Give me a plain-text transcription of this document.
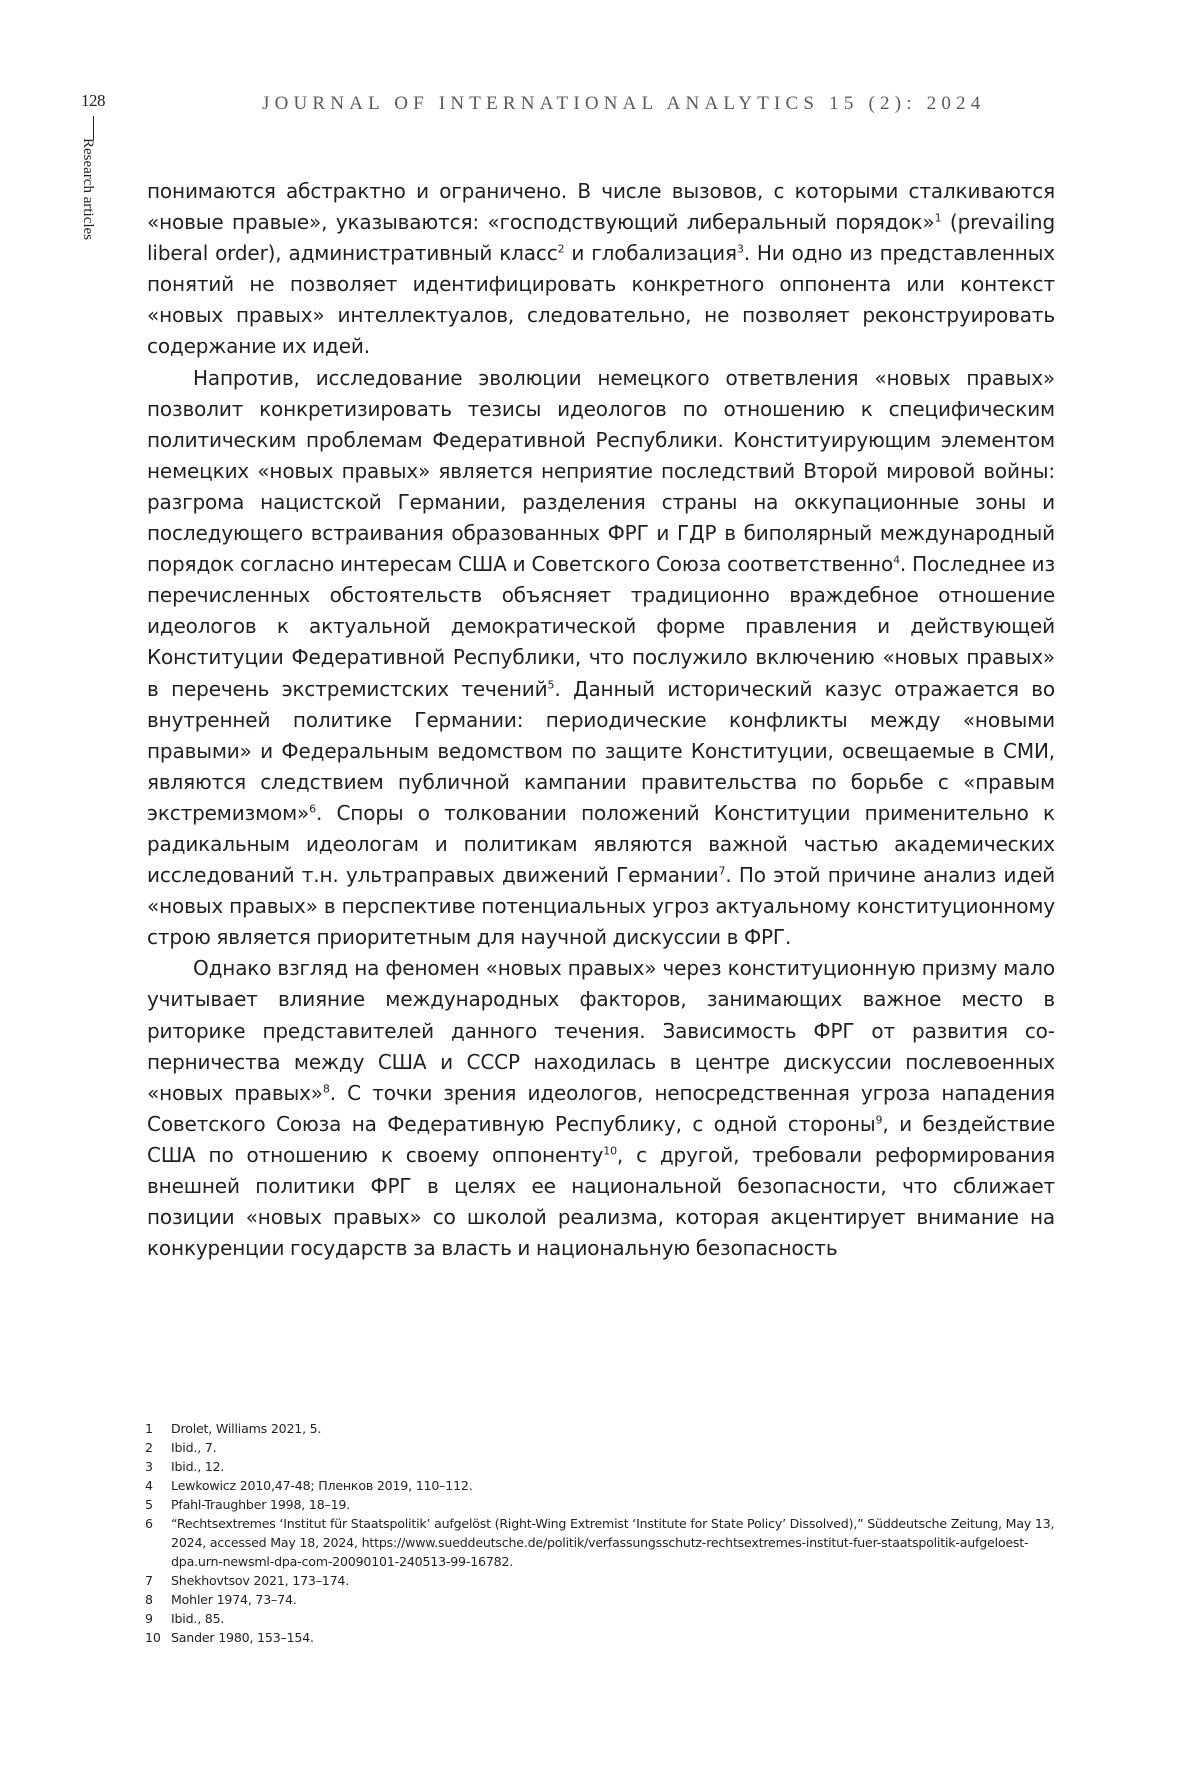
128
Research articles
JOURNAL OF INTERNATIONAL ANALYTICS 15 (2): 2024

понимаются абстрактно и ограничено. В числе вызовов, с которыми сталкиваются «новые правые», указываются: «господствующий либеральный порядок»$^1$ (prevailing liberal order), административный класс$^2$ и глобализация$^3$. Ни одно из представленных понятий не позволяет идентифицировать конкретного оппонента или контекст «новых правых» интеллектуалов, следовательно, не позволяет реконструировать содержание их идей.

Напротив, исследование эволюции немецкого ответвления «новых правых» позволит конкретизировать тезисы идеологов по отношению к специфическим политическим проблемам Федеративной Республики. Конституирующим элементом немецких «новых правых» является неприятие последствий Второй мировой войны: разгрома нацистской Германии, разделения страны на оккупационные зоны и последующего встраивания образованных ФРГ и ГДР в биполярный международный порядок согласно интересам США и Советского Союза соответственно$^4$. Последнее из перечисленных обстоятельств объясняет традиционно враждебное отношение идеологов к актуальной демократической форме правления и действующей Конституции Федеративной Республики, что послужило включению «новых правых» в перечень экстремистских течений$^5$. Данный исторический казус отражается во внутренней политике Германии: периодические конфликты между «новыми правыми» и Федеральным ведомством по защите Конституции, освещаемые в СМИ, являются следствием публичной кампании правительства по борьбе с «правым экстремизмом»$^6$. Споры о толковании положений Конституции применительно к радикальным идеологам и политикам являются важной частью академических исследований т.н. ультраправых движений Германии$^7$. По этой причине анализ идей «новых правых» в перспективе потенциальных угроз актуальному конституционному строю является приоритетным для научной дискуссии в ФРГ.

Однако взгляд на феномен «новых правых» через конституционную призму мало учитывает влияние международных факторов, занимающих важное место в риторике представителей данного течения. Зависимость ФРГ от развития соперничества между США и СССР находилась в центре дискуссии послевоенных «новых правых»$^8$. С точки зрения идеологов, непосредственная угроза нападения Советского Союза на Федеративную Республику, с одной стороны$^9$, и бездействие США по отношению к своему оппоненту$^{10}$, с другой, требовали реформирования внешней политики ФРГ в целях ее национальной безопасности, что сближает позиции «новых правых» со школой реализма, которая акцентирует внимание на конкуренции государств за власть и национальную безопасность

1	Drolet, Williams 2021, 5.
2	Ibid., 7.
3	Ibid., 12.
4	Lewkowicz 2010,47-48; Пленков 2019, 110–112.
5	Pfahl-Traughber 1998, 18–19.
6	“Rechtsextremes ‘Institut für Staatspolitik’ aufgelöst (Right-Wing Extremist ‘Institute for State Policy’ Dissolved),” Süddeutsche Zeitung, May 13, 2024, accessed May 18, 2024, https://www.sueddeutsche.de/politik/verfassungsschutz-rechtsextremes-institut-fuer-staatspolitik-aufgeloest-dpa.urn-newsml-dpa-com-20090101-240513-99-16782.
7	Shekhovtsov 2021, 173–174.
8	Mohler 1974, 73–74.
9	Ibid., 85.
10 Sander 1980, 153–154.
